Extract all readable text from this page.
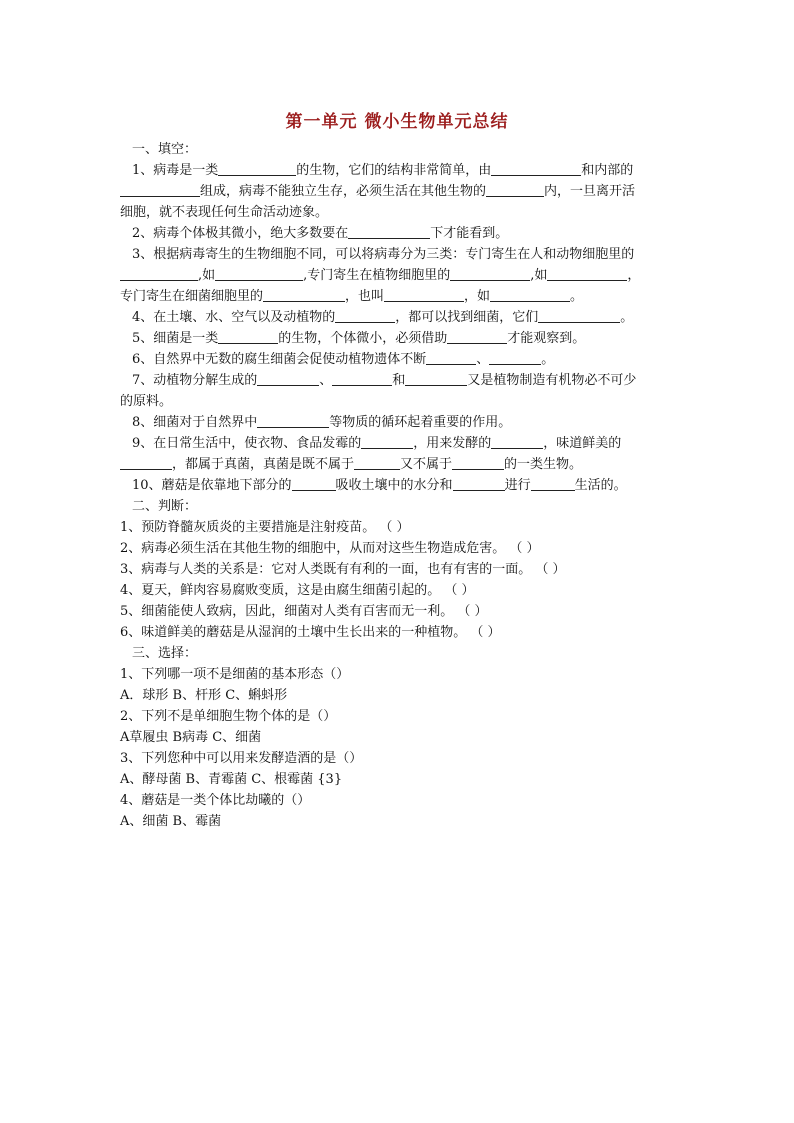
第一单元 微小生物单元总结
一、填空：
1、病毒是一类	的生物，它们的结构非常简单，由	和内部的
组成，病毒不能独立生存，必须生活在其他生物的	内，一旦离开活
细胞，就不表现任何生命活动迹象。
2、病毒个体极其微小，绝大多数要在	下才能看到。
3、根据病毒寄生的生物细胞不同，可以将病毒分为三类：专门寄生在人和动物细胞里的
,如	,专门寄生在植物细胞里的	,如	，
专门寄生在细菌细胞里的	，也叫	，如	。
4、在土壤、水、空气以及动植物的	，都可以找到细菌，它们	。
5、细菌是一类	的生物，个体微小，必须借助	才能观察到。
6、自然界中无数的腐生细菌会促使动植物遗体不断	、	。
7、动植物分解生成的	、	和	又是植物制造有机物必不可少
的原料。
8、细菌对于自然界中	等物质的循环起着重要的作用。
9、在日常生活中，使衣物、食品发霉的	，用来发酵的	，味道鲜美的
，都属于真菌，真菌是既不属于	又不属于	的一类生物。
10、蘑菇是依靠地下部分的	吸收土壤中的水分和	进行	生活的。
二、判断：
1、预防脊髓灰质炎的主要措施是注射疫苗。 （ ）
2、病毒必须生活在其他生物的细胞中，从而对这些生物造成危害。 （ ）
3、病毒与人类的关系是：它对人类既有有利的一面，也有有害的一面。 （ ）
4、夏天，鲜肉容易腐败变质，这是由腐生细菌引起的。 （ ）
5、细菌能使人致病，因此，细菌对人类有百害而无一利。 （ ）
6、味道鲜美的蘑菇是从湿润的土壤中生长出来的一种植物。 （ ）
三、选择：
1、下列哪一项不是细菌的基本形态（）
A．球形 B、杆形 C、蝌蚪形
2、下列不是单细胞生物个体的是（）
A草履虫 B病毒 C、细菌
3、下列您种中可以用来发酵造酒的是（）
A、酵母菌 B、青霉菌 C、根霉菌 {3}
4、蘑菇是一类个体比劫曦的（）
A、细菌 B、霉菌
